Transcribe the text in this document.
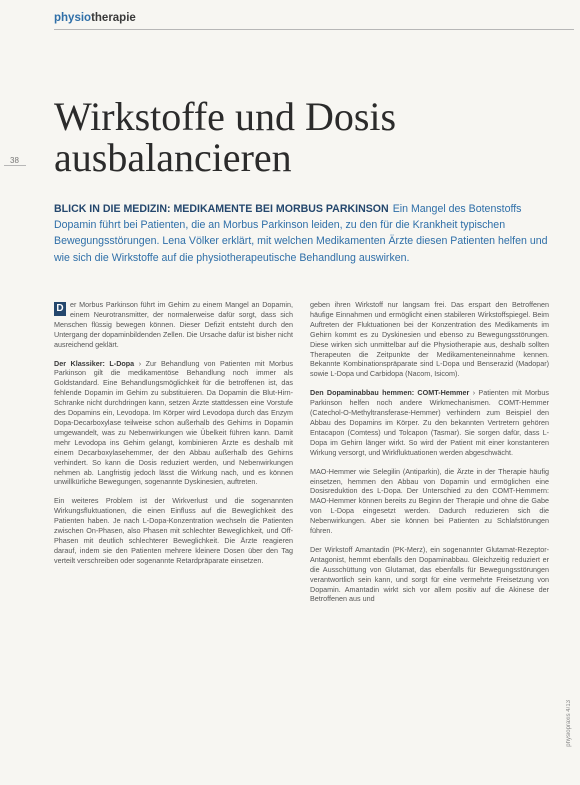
physiotherapie
38
Wirkstoffe und Dosis ausbalancieren

BLICK IN DIE MEDIZIN: MEDIKAMENTE BEI MORBUS PARKINSON Ein Mangel des Botenstoffs Dopamin führt bei Patienten, die an Morbus Parkinson leiden, zu den für die Krankheit typischen Bewegungsstörungen. Lena Völker erklärt, mit welchen Medikamenten Ärzte diesen Patienten helfen und wie sich die Wirkstoffe auf die physiotherapeutische Behandlung auswirken.

D er Morbus Parkinson führt im Gehirn zu einem Mangel an Dopamin, einem Neurotransmitter, der normalerweise dafür sorgt, dass sich Menschen flüssig bewegen können. Dieser Defizit entsteht durch den Untergang der dopaminbildenden Zellen. Die Ursache dafür ist bisher nicht ausreichend geklärt.

Der Klassiker: L-Dopa › Zur Behandlung von Patienten mit Morbus Parkinson gilt die medikamentöse Behandlung noch immer als Goldstandard. Eine Behandlungsmöglichkeit für die betroffenen ist, das fehlende Dopamin im Gehirn zu substituieren. Da Dopamin die Blut-Hirn-Schranke nicht durchdringen kann, setzen Ärzte stattdessen eine Vorstufe des Dopamins ein, Levodopa. Im Körper wird Levodopa durch das Enzym Dopa-Decarboxylase teilweise schon außerhalb des Gehirns in Dopamin umgewandelt, was zu Nebenwirkungen wie Übelkeit führen kann. Damit mehr Levodopa ins Gehirn gelangt, kombinieren Ärzte es deshalb mit einem Decarboxylasehemmer, der den Abbau außerhalb des Gehirns verhindert. So kann die Dosis reduziert werden, und Nebenwirkungen nehmen ab. Langfristig jedoch lässt die Wirkung nach, und es können unwillkürliche Bewegungen, sogenannte Dyskinesien, auftreten.

Ein weiteres Problem ist der Wirkverlust und die sogenannten Wirkungsfluktuationen, die einen Einfluss auf die Beweglichkeit des Patienten haben. Je nach L-Dopa-Konzentration wechseln die Patienten zwischen On-Phasen, also Phasen mit schlechter Beweglichkeit, und Off-Phasen mit deutlich schlechterer Beweglichkeit. Die Ärzte reagieren darauf, indem sie den Patienten mehrere kleinere Dosen über den Tag verteilt verschreiben oder sogenannte Retardpräparate einsetzen.

geben ihren Wirkstoff nur langsam frei. Das erspart den Betroffenen häufige Einnahmen und ermöglicht einen stabileren Wirkstoffspiegel. Beim Auftreten der Fluktuationen bei der Konzentration des Medikaments im Gehirn kommt es zu Dyskinesien und ebenso zu Bewegungsstörungen. Diese wirken sich unmittelbar auf die Physiotherapie aus, deshalb sollten Therapeuten die Zeitpunkte der Medikamenteneinnahme kennen. Bekannte Kombinationspräparate sind L-Dopa und Benserazid (Madopar) sowie L-Dopa und Carbidopa (Nacom, Isicom).

Den Dopaminabbau hemmen: COMT-Hemmer › Patienten mit Morbus Parkinson helfen noch andere Wirkmechanismen. COMT-Hemmer (Catechol-O-Methyltransferase-Hemmer) verhindern zum Beispiel den Abbau des Dopamins im Körper. Zu den bekannten Vertretern gehören Entacapon (Comtess) und Tolcapon (Tasmar). Sie sorgen dafür, dass L-Dopa im Gehirn länger wirkt. So wird der Patient mit einer konstanteren Wirkung versorgt, und Wirkfluktuationen werden abgeschwächt.

MAO-Hemmer wie Selegilin (Antiparkin), die Ärzte in der Therapie häufig einsetzen, hemmen den Abbau von Dopamin und ermöglichen eine Dosisreduktion des L-Dopa. Der Unterschied zu den COMT-Hemmern: MAO-Hemmer können bereits zu Beginn der Therapie und ohne die Gabe von L-Dopa eingesetzt werden. Dadurch reduzieren sich die Nebenwirkungen. Aber sie können bei Patienten zu Schlafstörungen führen.

Der Wirkstoff Amantadin (PK-Merz), ein sogenannter Glutamat-Rezeptor-Antagonist, hemmt ebenfalls den Dopaminabbau. Gleichzeitig reduziert er die Ausschüttung von Glutamat, das ebenfalls für Bewegungsstörungen verantwortlich sein kann, und sorgt für eine vermehrte Freisetzung von Dopamin. Amantadin wirkt sich vor allem positiv auf die Akinese der Betroffenen aus und

physiopraxis 4/13
